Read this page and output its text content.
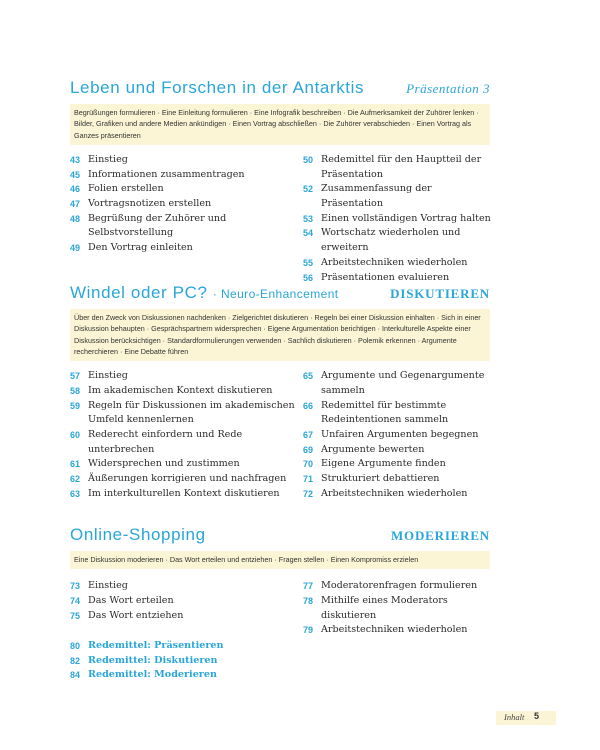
Leben und Forschen in der Antarktis	Präsentation 3
Begrüßungen formulieren · Eine Einleitung formulieren · Eine Infografik beschreiben · Die Aufmerksamkeit der Zuhörer lenken · Bilder, Grafiken und andere Medien ankündigen · Einen Vortrag abschließen · Die Zuhörer verabschieden · Einen Vortrag als Ganzes präsentieren
43 Einstieg
45 Informationen zusammentragen
46 Folien erstellen
47 Vortragsnotizen erstellen
48 Begrüßung der Zuhörer und Selbstvorstellung
49 Den Vortrag einleiten
50 Redemittel für den Hauptteil der Präsentation
52 Zusammenfassung der Präsentation
53 Einen vollständigen Vortrag halten
54 Wortschatz wiederholen und erweitern
55 Arbeitstechniken wiederholen
56 Präsentationen evaluieren
Windel oder PC? · Neuro-Enhancement	DISKUTIEREN
Über den Zweck von Diskussionen nachdenken · Zielgerichtet diskutieren · Regeln bei einer Diskussion einhalten · Sich in einer Diskussion behaupten · Gesprächspartnern widersprechen · Eigene Argumentation berichtigen · Interkulturelle Aspekte einer Diskussion berücksichtigen · Standardformulierungen verwenden · Sachlich diskutieren · Polemik erkennen · Argumente recherchieren · Eine Debatte führen
57 Einstieg
58 Im akademischen Kontext diskutieren
59 Regeln für Diskussionen im akademischen Umfeld kennenlernen
60 Rederecht einfordern und Rede unterbrechen
61 Widersprechen und zustimmen
62 Äußerungen korrigieren und nachfragen
63 Im interkulturellen Kontext diskutieren
65 Argumente und Gegenargumente sammeln
66 Redemittel für bestimmte Redeintentionen sammeln
67 Unfairen Argumenten begegnen
69 Argumente bewerten
70 Eigene Argumente finden
71 Strukturiert debattieren
72 Arbeitstechniken wiederholen
Online-Shopping	MODERIEREN
Eine Diskussion moderieren · Das Wort erteilen und entziehen · Fragen stellen · Einen Kompromiss erzielen
73 Einstieg
74 Das Wort erteilen
75 Das Wort entziehen
77 Moderatorenfragen formulieren
78 Mithilfe eines Moderators diskutieren
79 Arbeitstechniken wiederholen
80 Redemittel: Präsentieren
82 Redemittel: Diskutieren
84 Redemittel: Moderieren
Inhalt 5
